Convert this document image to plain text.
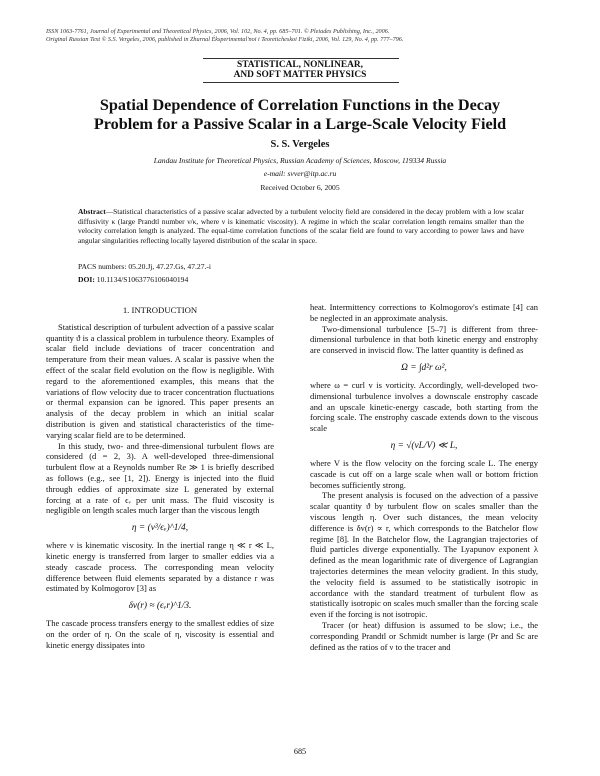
ISSN 1063-7761, Journal of Experimental and Theoretical Physics, 2006, Vol. 102, No. 4, pp. 685–701. © Pleiades Publishing, Inc., 2006.
Original Russian Text © S.S. Vergeles, 2006, published in Zhurnal Éksperimental'noi i Teoreticheskoi Fiziki, 2006, Vol. 129, No. 4, pp. 777–796.
STATISTICAL, NONLINEAR,
AND SOFT MATTER PHYSICS
Spatial Dependence of Correlation Functions in the Decay
Problem for a Passive Scalar in a Large-Scale Velocity Field
S. S. Vergeles
Landau Institute for Theoretical Physics, Russian Academy of Sciences, Moscow, 119334 Russia
e-mail: svver@itp.ac.ru
Received October 6, 2005
Abstract—Statistical characteristics of a passive scalar advected by a turbulent velocity field are considered in the decay problem with a low scalar diffusivity κ (large Prandtl number ν/κ, where ν is kinematic viscosity). A regime in which the scalar correlation length remains smaller than the velocity correlation length is analyzed. The equal-time correlation functions of the scalar field are found to vary according to power laws and have angular singularities reflecting locally layered distribution of the scalar in space.
PACS numbers: 05.20.Jj, 47.27.Gs, 47.27.-i
DOI: 10.1134/S1063776106040194
1. INTRODUCTION

Statistical description of turbulent advection of a passive scalar quantity ϑ is a classical problem in turbulence theory. Examples of scalar field include deviations of tracer concentration and temperature from their mean values. A scalar is passive when the effect of the scalar field evolution on the flow is negligible. With regard to the aforementioned examples, this means that the variations of flow velocity due to tracer concentration fluctuations or thermal expansion can be ignored. This paper presents an analysis of the decay problem in which an initial scalar distribution is given and statistical characteristics of the time-varying scalar field are to be determined.

In this study, two- and three-dimensional turbulent flows are considered (d = 2, 3). A well-developed three-dimensional turbulent flow at a Reynolds number Re ≫ 1 is briefly described as follows (e.g., see [1, 2]). Energy is injected into the fluid through eddies of approximate size L generated by external forcing at a rate of ϵᵥ per unit mass. The fluid viscosity is negligible on length scales much larger than the viscous length

η = (ν³/ϵᵥ)^1/4,

where ν is kinematic viscosity. In the inertial range η ≪ r ≪ L, kinetic energy is transferred from larger to smaller eddies via a steady cascade process. The corresponding mean velocity difference between fluid elements separated by a distance r was estimated by Kolmogorov [3] as

δv(r) ≈ (ϵᵥr)^1/3.

The cascade process transfers energy to the smallest eddies of size on the order of η. On the scale of η, viscosity is essential and kinetic energy dissipates into

heat. Intermittency corrections to Kolmogorov's estimate [4] can be neglected in an approximate analysis.

Two-dimensional turbulence [5–7] is different from three-dimensional turbulence in that both kinetic energy and enstrophy are conserved in inviscid flow. The latter quantity is defined as

Ω = ∫d²r ω²,

where ω = curl v is vorticity. Accordingly, well-developed two-dimensional turbulence involves a downscale enstrophy cascade and an upscale kinetic-energy cascade, both starting from the forcing scale. The enstrophy cascade extends down to the viscous scale

η = √(νL/V) ≪ L,

where V is the flow velocity on the forcing scale L. The energy cascade is cut off on a large scale when wall or bottom friction becomes sufficiently strong.

The present analysis is focused on the advection of a passive scalar quantity ϑ by turbulent flow on scales smaller than the viscous length η. Over such distances, the mean velocity difference is δv(r) ∝ r, which corresponds to the Batchelor flow regime [8]. In the Batchelor flow, the Lagrangian trajectories of fluid particles diverge exponentially. The Lyapunov exponent λ defined as the mean logarithmic rate of divergence of Lagrangian trajectories determines the mean velocity gradient. In this study, the velocity field is assumed to be statistically isotropic in accordance with the standard treatment of turbulent flow as statistically isotropic on scales much smaller than the forcing scale even if the forcing is not isotropic.

Tracer (or heat) diffusion is assumed to be slow; i.e., the corresponding Prandtl or Schmidt number is large (Pr and Sc are defined as the ratios of ν to the tracer and

685
